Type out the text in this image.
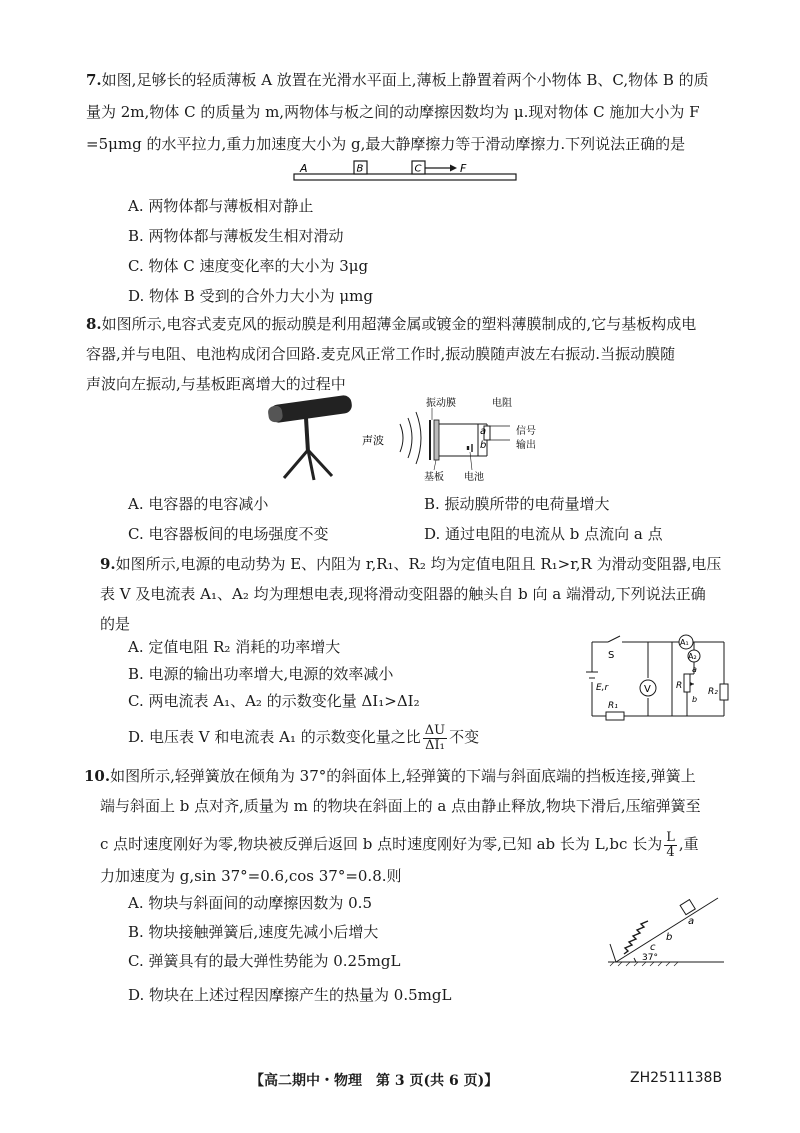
7.如图,足够长的轻质薄板 A 放置在光滑水平面上,薄板上静置着两个小物体 B、C,物体 B 的质
量为 2m,物体 C 的质量为 m,两物体与板之间的动摩擦因数均为 μ.现对物体 C 施加大小为 F
=5μmg 的水平拉力,重力加速度大小为 g,最大静摩擦力等于滑动摩擦力.下列说法正确的是
A	B	C	F
A. 两物体都与薄板相对静止
B. 两物体都与薄板发生相对滑动
C. 物体 C 速度变化率的大小为 3μg
D. 物体 B 受到的合外力大小为 μmg
8.如图所示,电容式麦克风的振动膜是利用超薄金属或镀金的塑料薄膜制成的,它与基板构成电
容器,并与电阻、电池构成闭合回路.麦克风正常工作时,振动膜随声波左右振动.当振动膜随
声波向左振动,与基板距离增大的过程中
声波
a
b
振动膜	电阻
信号
输出
基板 电池
A. 电容器的电容减小	B. 振动膜所带的电荷量增大
C. 电容器板间的电场强度不变	D. 通过电阻的电流从 b 点流向 a 点
9.如图所示,电源的电动势为 E、内阻为 r,R₁、R₂ 均为定值电阻且 R₁>r,R 为滑动变阻器,电压
表 V 及电流表 A₁、A₂ 均为理想电表,现将滑动变阻器的触头自 b 向 a 端滑动,下列说法正确
的是
A. 定值电阻 R₂ 消耗的功率增大
B. 电源的输出功率增大,电源的效率减小
C. 两电流表 A₁、A₂ 的示数变化量 ΔI₁>ΔI₂
D. 电压表 V 和电流表 A₁ 的示数变化量之比 $\frac{\Delta U}{\text{ΔI₁}}$ 不变
S
A₁
A₂
V
E,r	R
R₁
R₂
a
b
10.如图所示,轻弹簧放在倾角为 37°的斜面体上,轻弹簧的下端与斜面底端的挡板连接,弹簧上
端与斜面上 b 点对齐,质量为 m 的物块在斜面上的 a 点由静止释放,物块下滑后,压缩弹簧至
c 点时速度刚好为零,物块被反弹后返回 b 点时速度刚好为零,已知 ab 长为 L,bc 长为 $\frac{L}{4}$ ,重
力加速度为 g,sin 37°=0.6,cos 37°=0.8.则
A. 物块与斜面间的动摩擦因数为 0.5
B. 物块接触弹簧后,速度先减小后增大
C. 弹簧具有的最大弹性势能为 0.25mgL
D. 物块在上述过程因摩擦产生的热量为 0.5mgL
a
b
c
37°
【高二期中・物理　第 3 页(共 6 页)】	ZH2511138B
